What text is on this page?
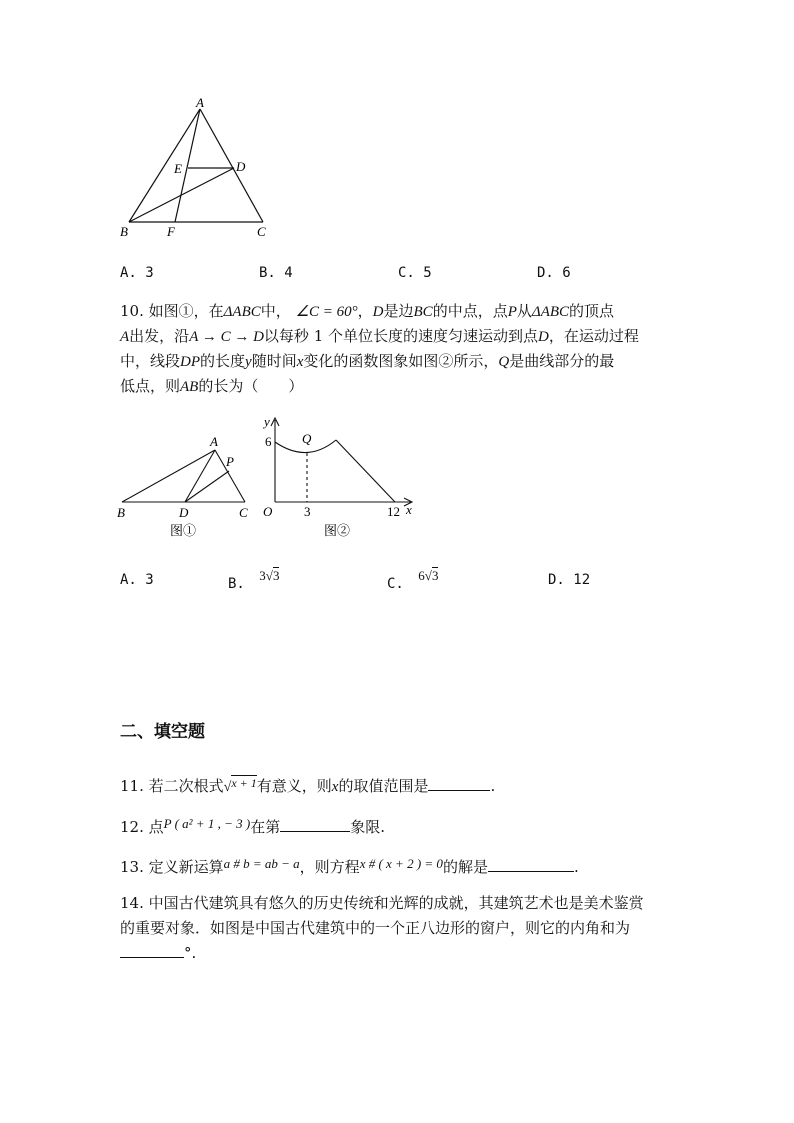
A
E	D
B	F	C
A. 3	B. 4	C. 5	D. 6
10. 如图①，在ΔABC中， ∠C = 60°，D是边BC的中点，点P从ΔABC的顶点
A出发，沿A → C → D以每秒 1 个单位长度的速度匀速运动到点D，在运动过程
中，线段DP的长度y随时间x变化的函数图象如图②所示，Q是曲线部分的最
低点，则AB的长为（　　）
A
P
B	D	C
图①
y
6 Q
O 3	12 x
图②
A. 3	B. 3√3
C. 6√3	D. 12
二、填空题
11. 若二次根式√$^{x + 1}$有意义，则x的取值范围是	.
12. 点P ( a² + 1 , − 3 )在第	象限.
13. 定义新运算a # b = ab − a，则方程x # ( x + 2 ) = 0的解是	.
14. 中国古代建筑具有悠久的历史传统和光辉的成就，其建筑艺术也是美术鉴赏
的重要对象．如图是中国古代建筑中的一个正八边形的窗户，则它的内角和为
°.
